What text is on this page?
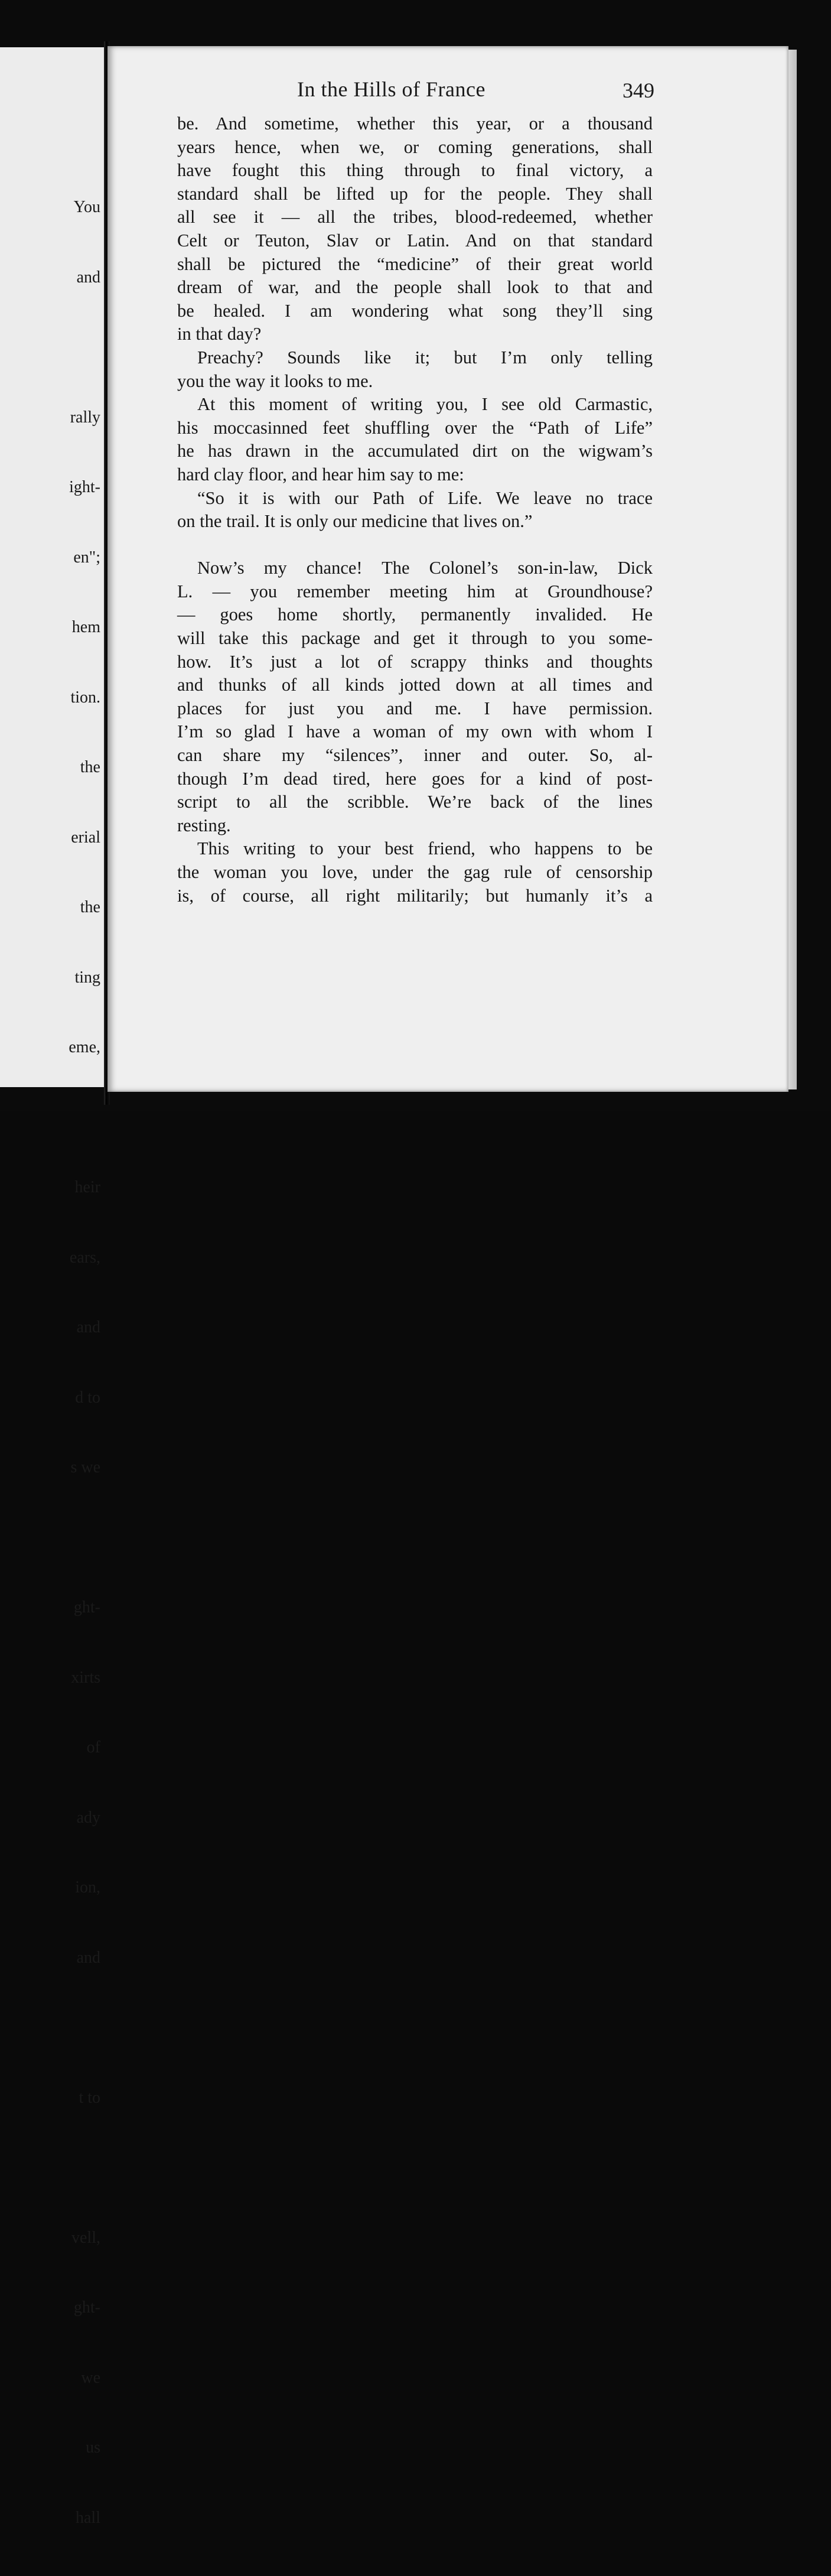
You

and

rally

ight-

en";

hem

tion.

the

erial

the

ting

eme,

heir

ears,

and

d to

s we

ght-

xirts

of

ady

ion,

and

t to

vell,

ght-

we

us

hall

In the Hills of France	349
be. And sometime, whether this year, or a thousand
years hence, when we, or coming generations, shall
have fought this thing through to final victory, a
standard shall be lifted up for the people. They shall
all see it — all the tribes, blood-redeemed, whether
Celt or Teuton, Slav or Latin. And on that standard
shall be pictured the “medicine” of their great world
dream of war, and the people shall look to that and
be healed. I am wondering what song they’ll sing
in that day?
Preachy? Sounds like it; but I’m only telling
you the way it looks to me.
At this moment of writing you, I see old Carmastic,
his moccasinned feet shuffling over the “Path of Life”
he has drawn in the accumulated dirt on the wigwam’s
hard clay floor, and hear him say to me:
“So it is with our Path of Life. We leave no trace
on the trail. It is only our medicine that lives on.”
Now’s my chance! The Colonel’s son-in-law, Dick
L. — you remember meeting him at Groundhouse?
— goes home shortly, permanently invalided. He
will take this package and get it through to you some-
how. It’s just a lot of scrappy thinks and thoughts
and thunks of all kinds jotted down at all times and
places for just you and me. I have permission.
I’m so glad I have a woman of my own with whom I
can share my “silences”, inner and outer. So, al-
though I’m dead tired, here goes for a kind of post-
script to all the scribble. We’re back of the lines
resting.
This writing to your best friend, who happens to be
the woman you love, under the gag rule of censorship
is, of course, all right militarily; but humanly it’s a
